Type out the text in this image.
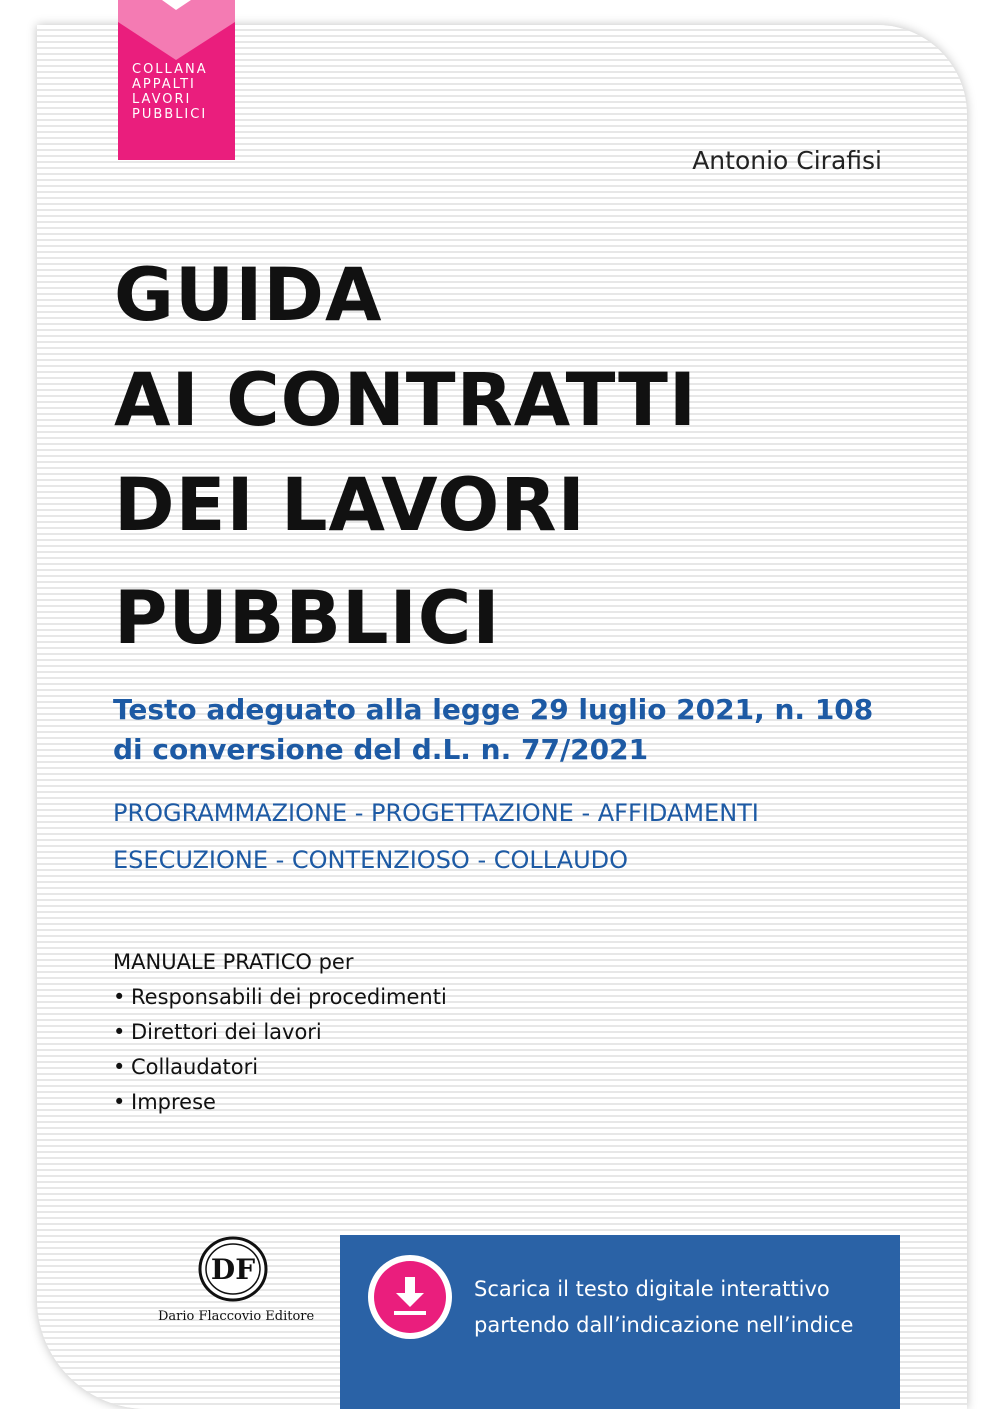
COLLANA
APPALTI
LAVORI
PUBBLICI
Antonio Cirafisi
GUIDA
AI CONTRATTI
DEI LAVORI
PUBBLICI
Testo adeguato alla legge 29 luglio 2021, n. 108
di conversione del d.L. n. 77/2021
PROGRAMMAZIONE - PROGETTAZIONE - AFFIDAMENTI
ESECUZIONE - CONTENZIOSO - COLLAUDO
MANUALE PRATICO per
• Responsabili dei procedimenti
• Direttori dei lavori
• Collaudatori
• Imprese
DF
Dario Flaccovio Editore
Scarica il testo digitale interattivo
partendo dall’indicazione nell’indice
